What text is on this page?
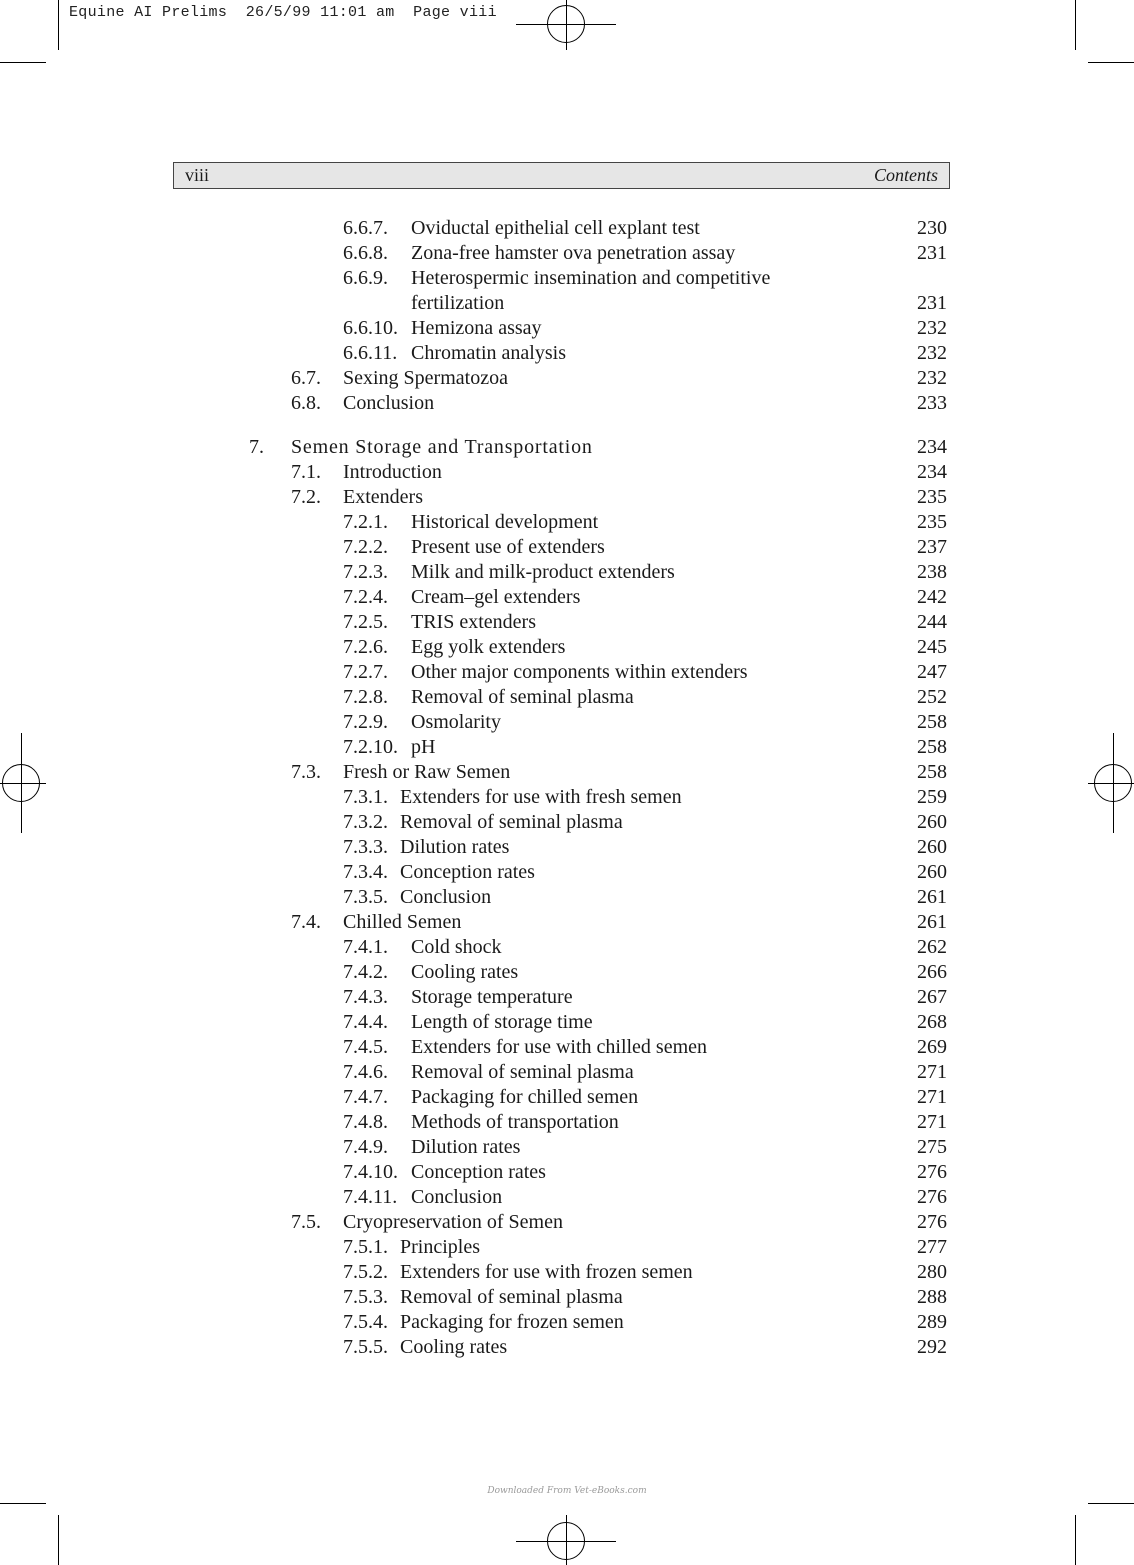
Equine AI Prelims  26/5/99 11:01 am  Page viii
viii	Contents
6.6.7. Oviductal epithelial cell explant test	230
6.6.8. Zona-free hamster ova penetration assay	231
6.6.9. Heterospermic insemination and competitive
fertilization	231
6.6.10. Hemizona assay	232
6.6.11. Chromatin analysis	232
6.7. Sexing Spermatozoa	232
6.8. Conclusion	233
7. Semen Storage and Transportation	234
7.1. Introduction	234
7.2. Extenders	235
7.2.1. Historical development	235
7.2.2. Present use of extenders	237
7.2.3. Milk and milk-product extenders	238
7.2.4. Cream–gel extenders	242
7.2.5. TRIS extenders	244
7.2.6. Egg yolk extenders	245
7.2.7. Other major components within extenders	247
7.2.8. Removal of seminal plasma	252
7.2.9. Osmolarity	258
7.2.10. pH	258
7.3. Fresh or Raw Semen	258
7.3.1. Extenders for use with fresh semen	259
7.3.2. Removal of seminal plasma	260
7.3.3. Dilution rates	260
7.3.4. Conception rates	260
7.3.5. Conclusion	261
7.4. Chilled Semen	261
7.4.1. Cold shock	262
7.4.2. Cooling rates	266
7.4.3. Storage temperature	267
7.4.4. Length of storage time	268
7.4.5. Extenders for use with chilled semen	269
7.4.6. Removal of seminal plasma	271
7.4.7. Packaging for chilled semen	271
7.4.8. Methods of transportation	271
7.4.9. Dilution rates	275
7.4.10. Conception rates	276
7.4.11. Conclusion	276
7.5. Cryopreservation of Semen	276
7.5.1. Principles	277
7.5.2. Extenders for use with frozen semen	280
7.5.3. Removal of seminal plasma	288
7.5.4. Packaging for frozen semen	289
7.5.5. Cooling rates	292
Downloaded From Vet-eBooks.com
